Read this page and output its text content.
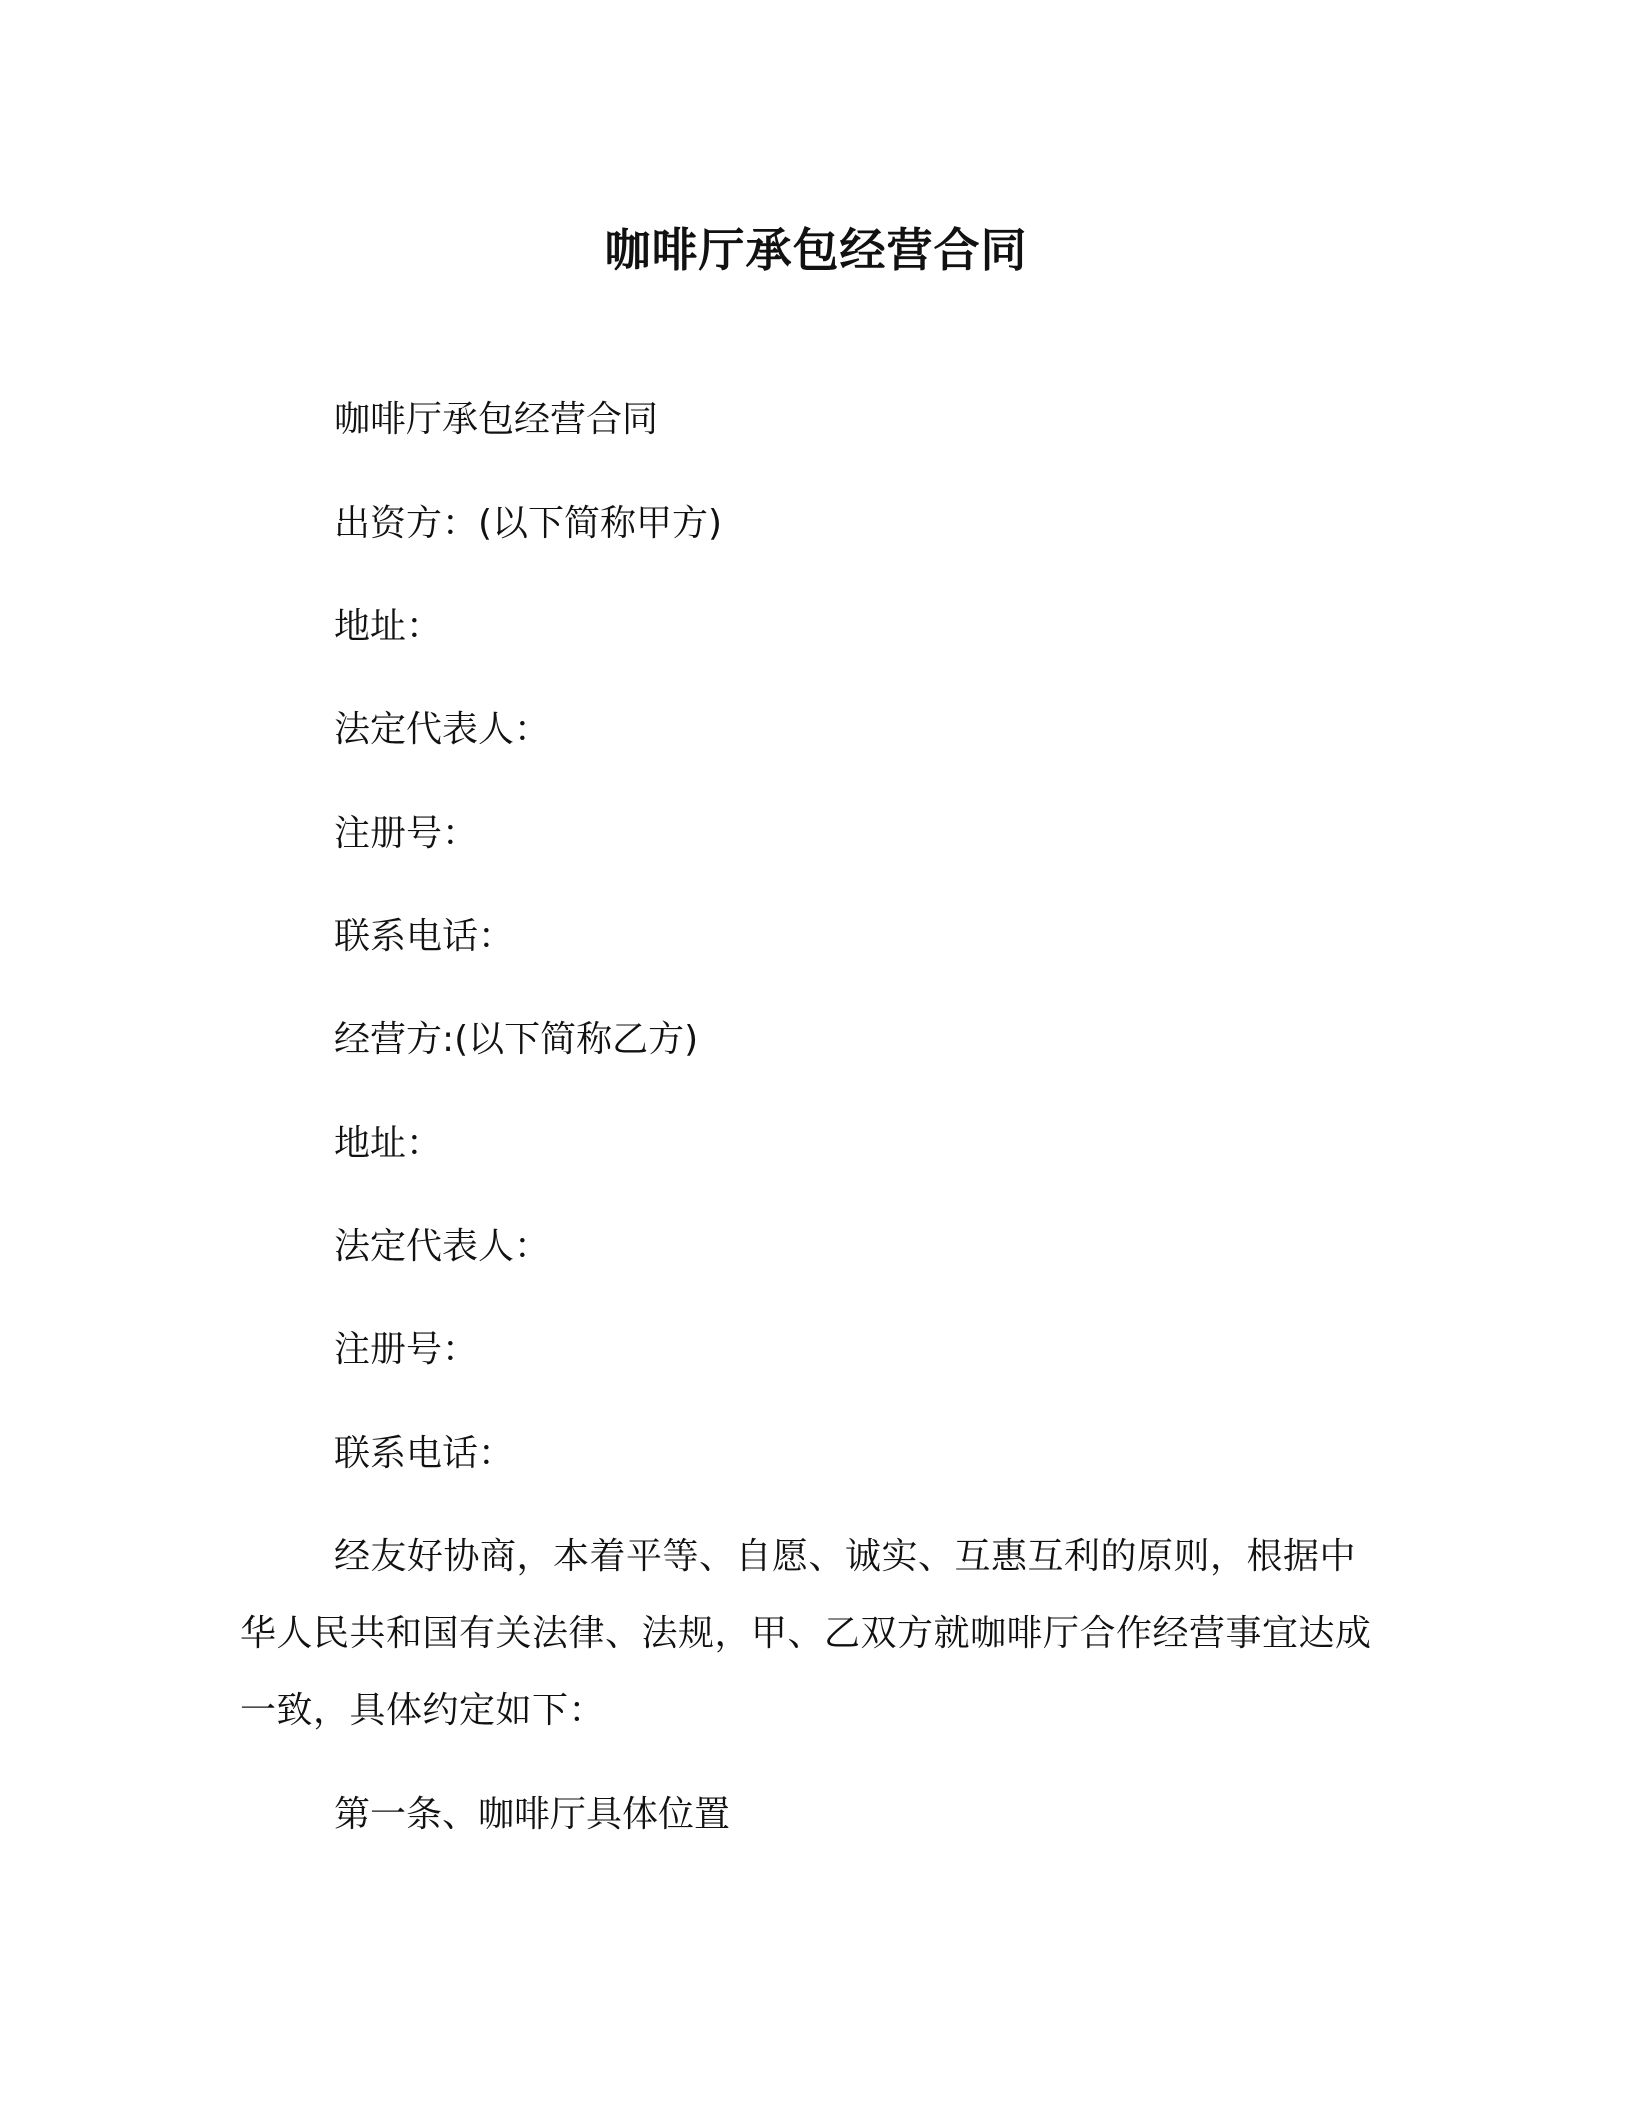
咖啡厅承包经营合同

咖啡厅承包经营合同

出资方：(以下简称甲方)

地址：

法定代表人：

注册号：

联系电话：

经营方:(以下简称乙方)

地址：

法定代表人：

注册号：

联系电话：

经友好协商，本着平等、自愿、诚实、互惠互利的原则，根据中华人民共和国有关法律、法规，甲、乙双方就咖啡厅合作经营事宜达成一致，具体约定如下：

第一条、咖啡厅具体位置
